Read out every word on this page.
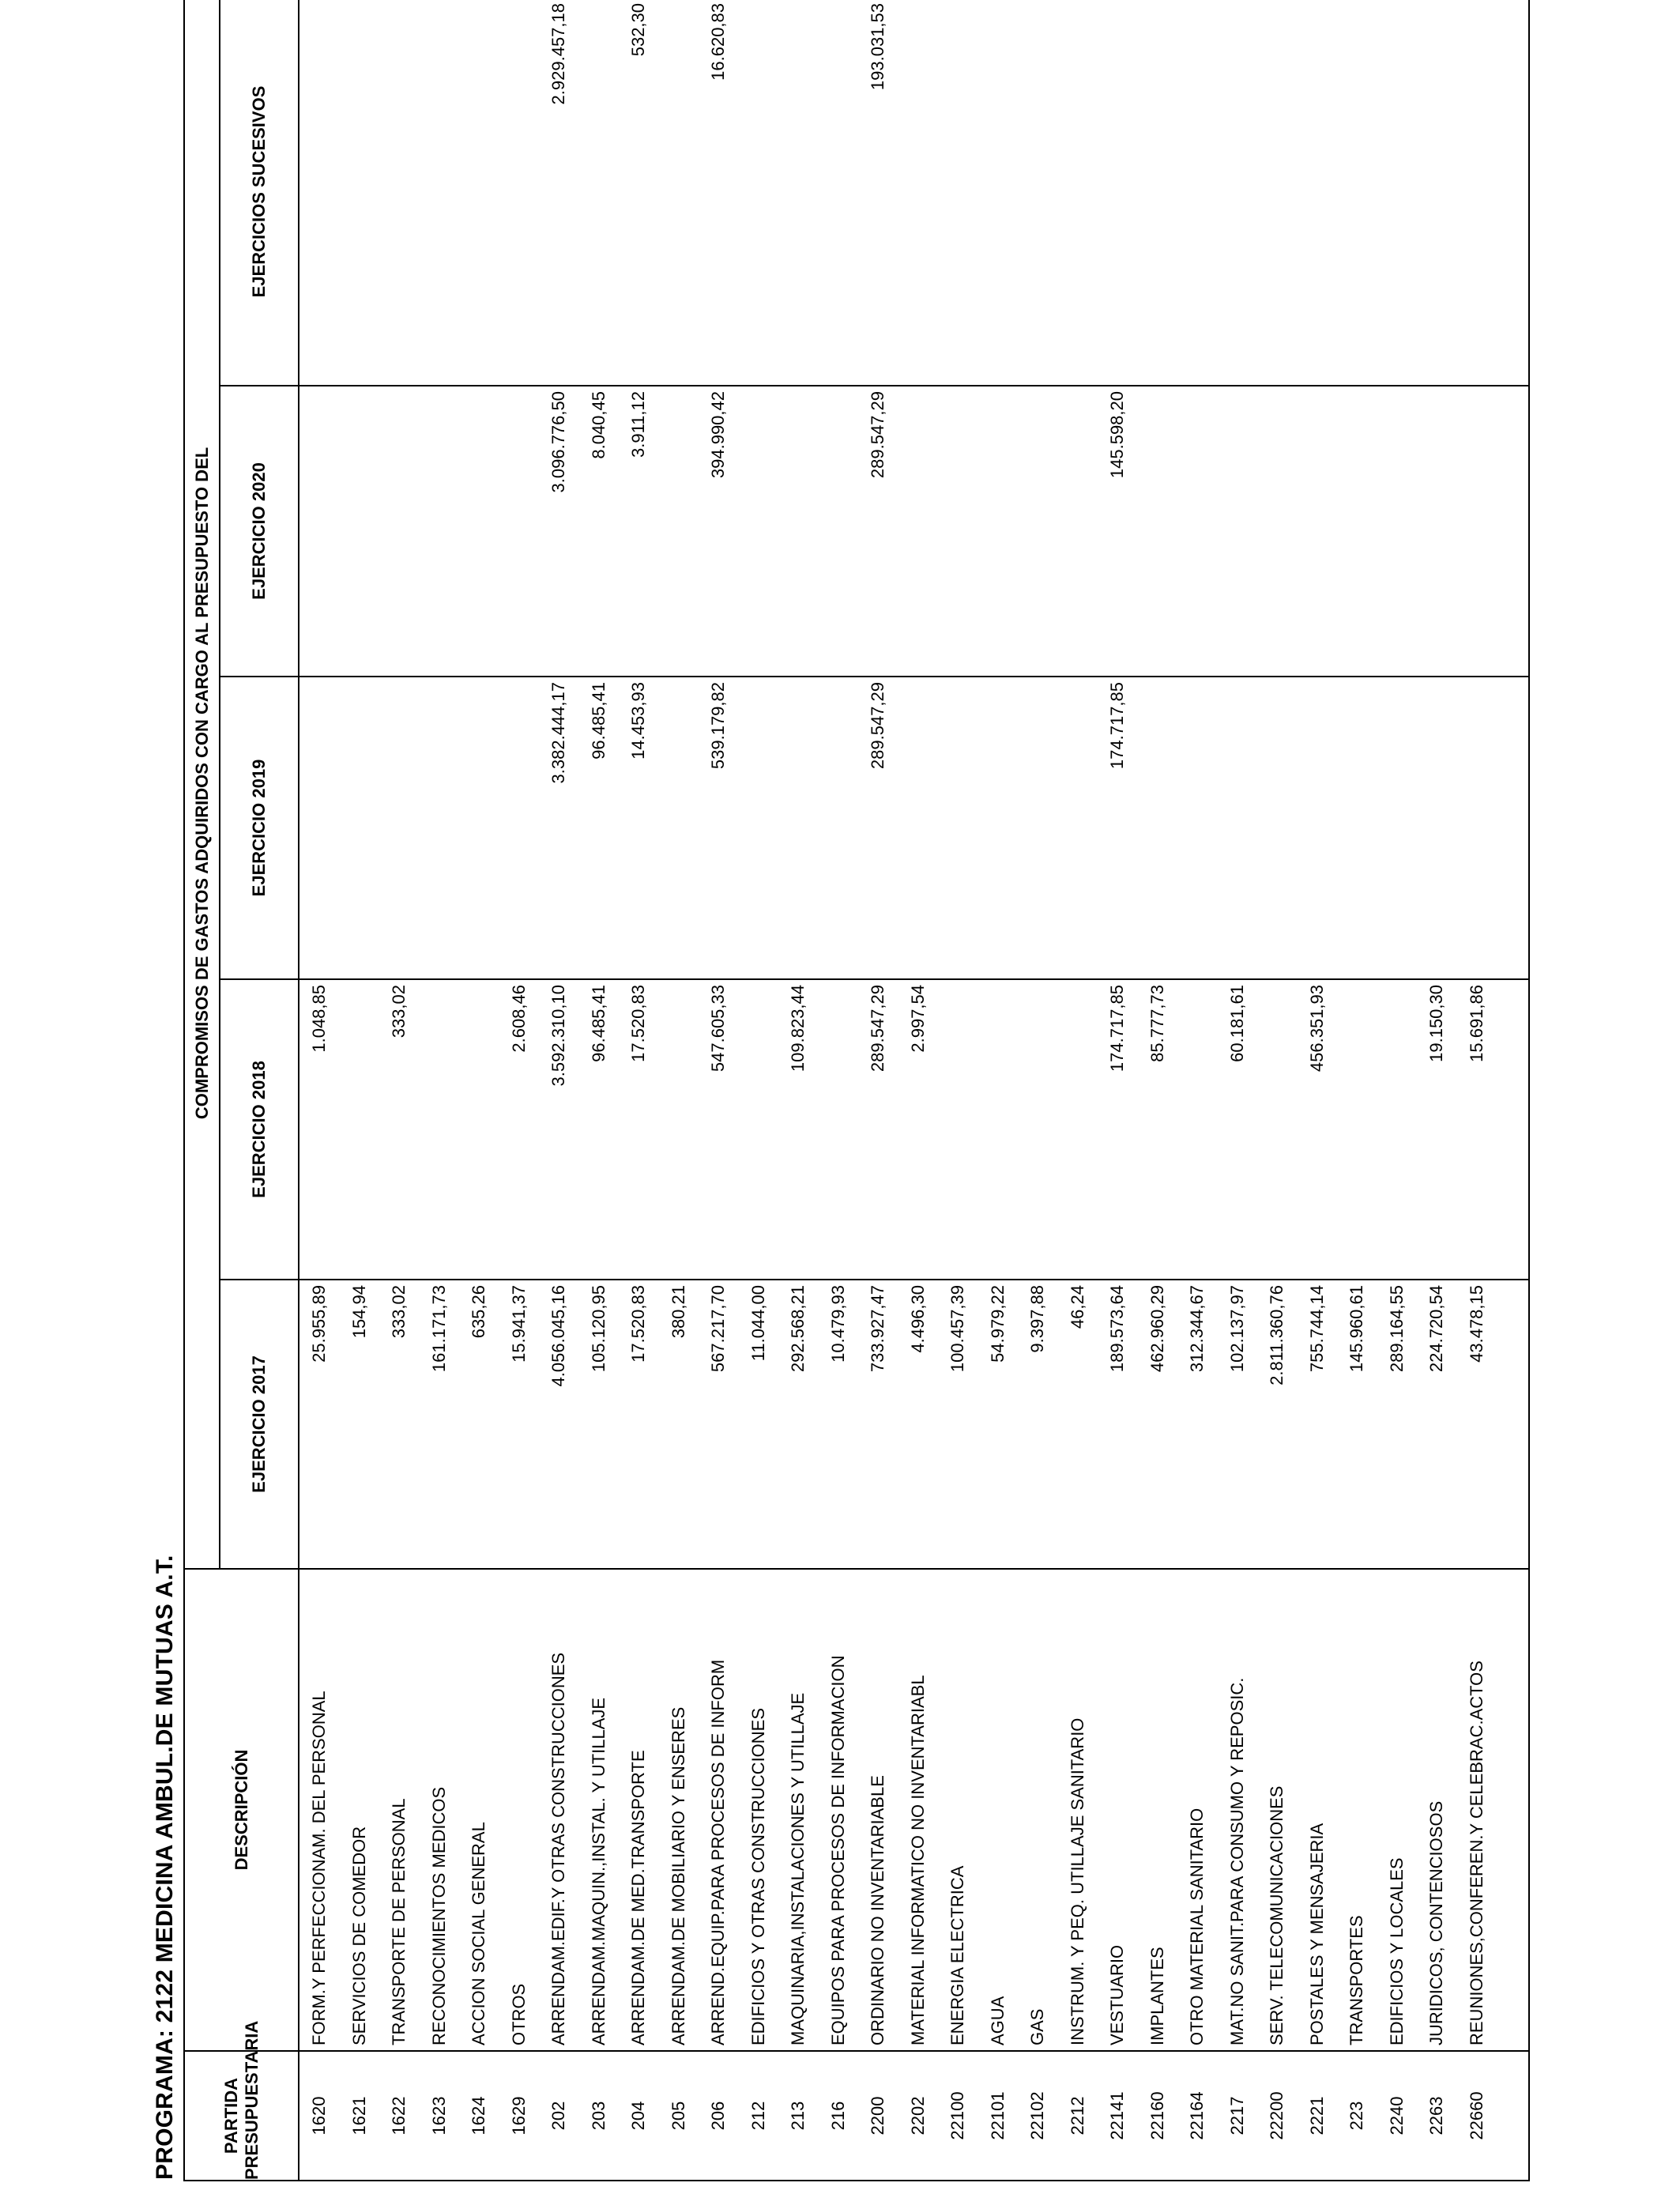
PROGRAMA: 2122 MEDICINA AMBUL.DE MUTUAS A.T. PARTIDA PRESUPUESTARIA	DESCRIPCIÓN	COMPROMISOS DE GASTOS ADQUIRIDOS CON CARGO AL PRESUPUESTO DEL				
		EJERCICIO 2017	EJERCICIO 2018	EJERCICIO 2019	EJERCICIO 2020	EJERCICIOS SUCESIVOS
1620	FORM.Y PERFECCIONAM. DEL PERSONAL	25.955,89	1.048,85			
1621	SERVICIOS DE COMEDOR	154,94				
1622	TRANSPORTE DE PERSONAL	333,02	333,02			
1623	RECONOCIMIENTOS MEDICOS	161.171,73				
1624	ACCION SOCIAL GENERAL	635,26				
1629	OTROS	15.941,37	2.608,46			
202	ARRENDAM.EDIF.Y OTRAS CONSTRUCCIONES	4.056.045,16	3.592.310,10	3.382.444,17	3.096.776,50	2.929.457,18
203	ARRENDAM.MAQUIN.,INSTAL. Y UTILLAJE	105.120,95	96.485,41	96.485,41	8.040,45	
204	ARRENDAM.DE MED.TRANSPORTE	17.520,83	17.520,83	14.453,93	3.911,12	532,30
205	ARRENDAM.DE MOBILIARIO Y ENSERES	380,21				
206	ARREND.EQUIP.PARA PROCESOS DE INFORM	567.217,70	547.605,33	539.179,82	394.990,42	16.620,83
212	EDIFICIOS Y OTRAS CONSTRUCCIONES	11.044,00				
213	MAQUINARIA,INSTALACIONES Y UTILLAJE	292.568,21	109.823,44			
216	EQUIPOS PARA PROCESOS DE INFORMACION	10.479,93				
2200	ORDINARIO NO INVENTARIABLE	733.927,47	289.547,29	289.547,29	289.547,29	193.031,53
2202	MATERIAL INFORMATICO NO INVENTARIABL	4.496,30	2.997,54			
22100	ENERGIA ELECTRICA	100.457,39				
22101	AGUA	54.979,22				
22102	GAS	9.397,88				
2212	INSTRUM. Y PEQ. UTILLAJE SANITARIO	46,24				
22141	VESTUARIO	189.573,64	174.717,85	174.717,85	145.598,20	
22160	IMPLANTES	462.960,29	85.777,73			
22164	OTRO MATERIAL SANITARIO	312.344,67				
2217	MAT.NO SANIT.PARA CONSUMO Y REPOSIC.	102.137,97	60.181,61			
22200	SERV. TELECOMUNICACIONES	2.811.360,76				
2221	POSTALES Y MENSAJERIA	755.744,14	456.351,93			
223	TRANSPORTES	145.960,61				
2240	EDIFICIOS Y LOCALES	289.164,55				
2263	JURIDICOS, CONTENCIOSOS	224.720,54	19.150,30			
22660	REUNIONES,CONFEREN.Y CELEBRAC.ACTOS	43.478,15	15.691,86			
